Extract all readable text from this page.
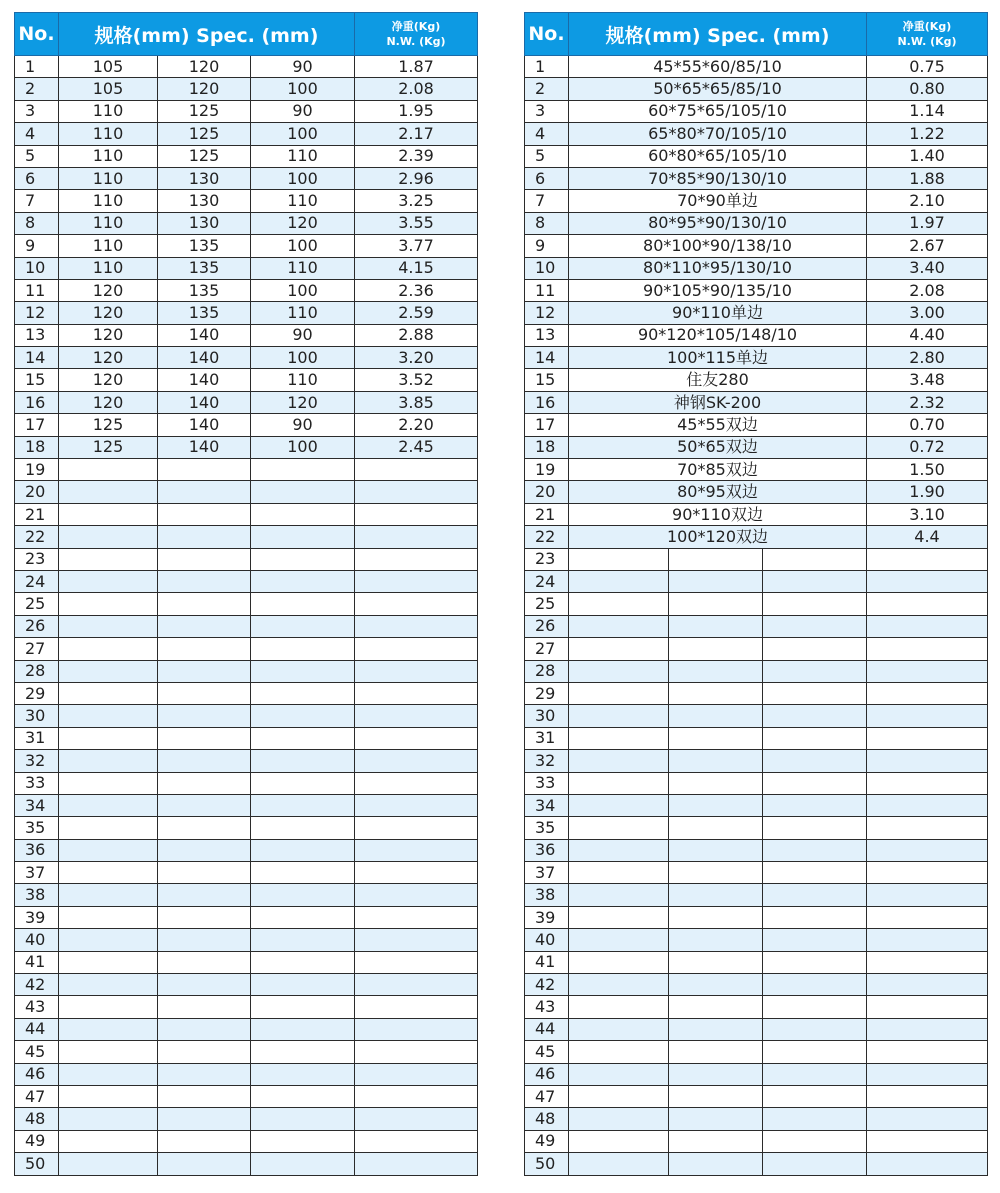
No.	规格(mm) Spec. (mm)			净重(Kg)
N.W. (Kg)

1	105	120	90	1.87
2	105	120	100	2.08
3	110	125	90	1.95
4	110	125	100	2.17
5	110	125	110	2.39
6	110	130	100	2.96
7	110	130	110	3.25
8	110	130	120	3.55
9	110	135	100	3.77
10	110	135	110	4.15
11	120	135	100	2.36
12	120	135	110	2.59
13	120	140	90	2.88
14	120	140	100	3.20
15	120	140	110	3.52
16	120	140	120	3.85
17	125	140	90	2.20
18	125	140	100	2.45
19				
20				
21				
22				
23				
24				
25				
26				
27				
28				
29				
30				
31				
32				
33				
34				
35				
36				
37				
38				
39				
40				
41				
42				
43				
44				
45				
46				
47				
48				
49				
50				
No.	规格(mm) Spec. (mm)			净重(Kg)
N.W. (Kg)

1	45*55*60/85/10			0.75
2	50*65*65/85/10			0.80
3	60*75*65/105/10			1.14
4	65*80*70/105/10			1.22
5	60*80*65/105/10			1.40
6	70*85*90/130/10			1.88
7	70*90单边			2.10
8	80*95*90/130/10			1.97
9	80*100*90/138/10			2.67
10	80*110*95/130/10			3.40
11	90*105*90/135/10			2.08
12	90*110单边			3.00
13	90*120*105/148/10			4.40
14	100*115单边			2.80
15	住友280			3.48
16	神钢SK-200			2.32
17	45*55双边			0.70
18	50*65双边			0.72
19	70*85双边			1.50
20	80*95双边			1.90
21	90*110双边			3.10
22	100*120双边			4.4
23				
24				
25				
26				
27				
28				
29				
30				
31				
32				
33				
34				
35				
36				
37				
38				
39				
40				
41				
42				
43				
44				
45				
46				
47				
48				
49				
50				
